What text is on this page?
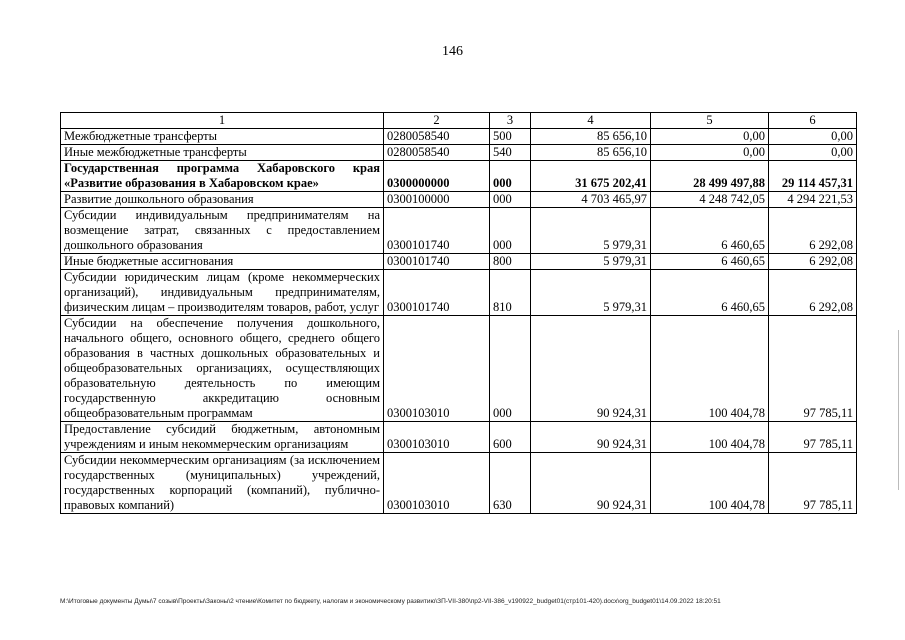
146
1	2	3	4	5	6
Межбюджетные трансферты	0280058540	500	85 656,10	0,00	0,00
Иные межбюджетные трансферты	0280058540	540	85 656,10	0,00	0,00
Государственная программа Хабаровского края «Развитие образования в Хабаровском крае»	0300000000	000	31 675 202,41	28 499 497,88	29 114 457,31
Развитие дошкольного образования	0300100000	000	4 703 465,97	4 248 742,05	4 294 221,53
Субсидии индивидуальным предпринимателям на возмещение затрат, связанных с предоставлением дошкольного образования	0300101740	000	5 979,31	6 460,65	6 292,08
Иные бюджетные ассигнования	0300101740	800	5 979,31	6 460,65	6 292,08
Субсидии юридическим лицам (кроме некоммерческих организаций), индивидуальным предпринимателям, физическим лицам – производителям товаров, работ, услуг	0300101740	810	5 979,31	6 460,65	6 292,08
Субсидии на обеспечение получения дошкольного, начального общего, основного общего, среднего общего образования в частных дошкольных образовательных и общеобразовательных организациях, осуществляющих образовательную деятельность по имеющим государственную аккредитацию основным общеобразовательным программам	0300103010	000	90 924,31	100 404,78	97 785,11
Предоставление субсидий бюджетным, автономным учреждениям и иным некоммерческим организациям	0300103010	600	90 924,31	100 404,78	97 785,11
Субсидии некоммерческим организациям (за исключением государственных (муниципальных) учреждений, государственных корпораций (компаний), публично-правовых компаний)	0300103010	630	90 924,31	100 404,78	97 785,11
M:\Итоговые документы Думы\7 созыв\Проекты\Законы\2 чтение\Комитет по бюджету, налогам и экономическому развитию\ЗП-VII-380\пр2-VII-386_v190922_budget01(стр101-420).docx\org_budget01\14.09.2022 18:20:51
